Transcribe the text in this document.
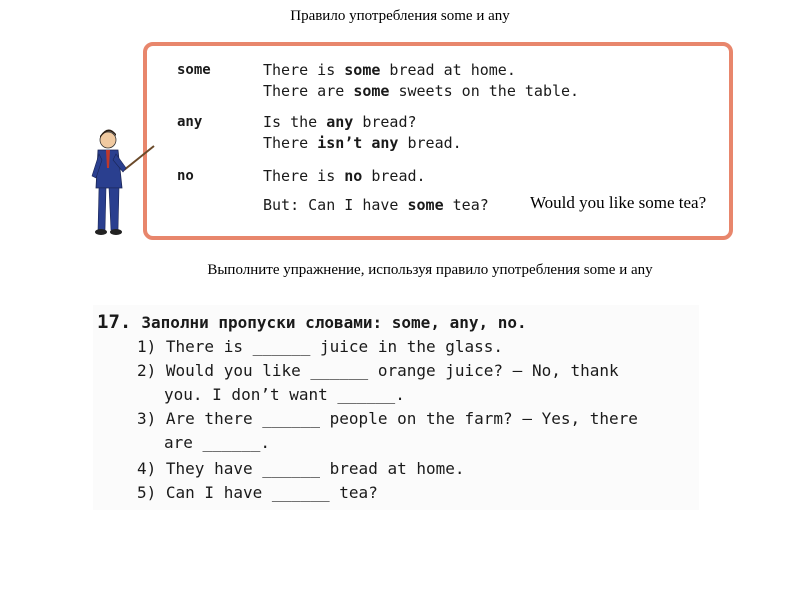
Правило употребления some и any
some	There is some bread at home.
There are some sweets on the table.
any	Is the any bread?
There isn’t any bread.
no	There is no bread.
But: Can I have some tea? Would you like some tea?
Выполните упражнение, используя правило употребления some и any
17. Заполни пропуски словами: some, any, no.
1) There is ______ juice in the glass.
2) Would you like ______ orange juice? — No, thank
you. I don’t want ______.
3) Are there ______ people on the farm? — Yes, there
are ______.
4) They have ______ bread at home.
5) Can I have ______ tea?
